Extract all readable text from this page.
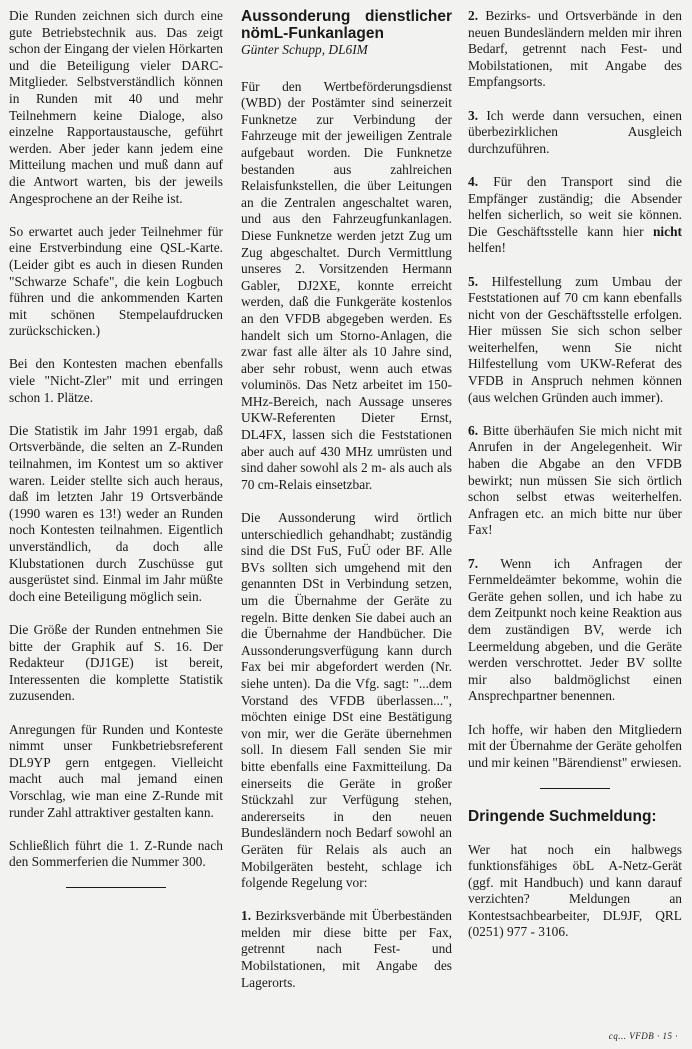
Die Runden zeichnen sich durch eine gute Betriebstechnik aus. Das zeigt schon der Eingang der vielen Hörkarten und die Beteiligung vieler DARC-Mitglieder. Selbstverständlich können in Runden mit 40 und mehr Teilnehmern keine Dialoge, also einzelne Rapportaustausche, geführt werden. Aber jeder kann jedem eine Mitteilung machen und muß dann auf die Antwort warten, bis der jeweils Angesprochene an der Reihe ist.

So erwartet auch jeder Teilnehmer für eine Erstverbindung eine QSL-Karte. (Leider gibt es auch in diesen Runden "Schwarze Schafe", die kein Logbuch führen und die ankommenden Karten mit schönen Stempelaufdrucken zurückschicken.)

Bei den Kontesten machen ebenfalls viele "Nicht-Zler" mit und erringen schon 1. Plätze.

Die Statistik im Jahr 1991 ergab, daß Ortsverbände, die selten an Z-Runden teilnahmen, im Kontest um so aktiver waren. Leider stellte sich auch heraus, daß im letzten Jahr 19 Ortsverbände (1990 waren es 13!) weder an Runden noch Kontesten teilnahmen. Eigentlich unverständlich, da doch alle Klubstationen durch Zuschüsse gut ausgerüstet sind. Einmal im Jahr müßte doch eine Beteiligung möglich sein.

Die Größe der Runden entnehmen Sie bitte der Graphik auf S. 16. Der Redakteur (DJ1GE) ist bereit, Interessenten die komplette Statistik zuzusenden.

Anregungen für Runden und Konteste nimmt unser Funkbetriebsreferent DL9YP gern entgegen. Vielleicht macht auch mal jemand einen Vorschlag, wie man eine Z-Runde mit runder Zahl attraktiver gestalten kann.

Schließlich führt die 1. Z-Runde nach den Sommerferien die Nummer 300.

Aussonderung dienstlicher
nömL-Funkanlagen
Günter Schupp, DL6IM

Für den Wertbeförderungsdienst (WBD) der Postämter sind seinerzeit Funknetze zur Verbindung der Fahrzeuge mit der jeweiligen Zentrale aufgebaut worden. Die Funknetze bestanden aus zahlreichen Relaisfunkstellen, die über Leitungen an die Zentralen angeschaltet waren, und aus den Fahrzeugfunkanlagen. Diese Funknetze werden jetzt Zug um Zug abgeschaltet. Durch Vermittlung unseres 2. Vorsitzenden Hermann Gabler, DJ2XE, konnte erreicht werden, daß die Funkgeräte kostenlos an den VFDB abgegeben werden. Es handelt sich um Storno-Anlagen, die zwar fast alle älter als 10 Jahre sind, aber sehr robust, wenn auch etwas voluminös. Das Netz arbeitet im 150-MHz-Bereich, nach Aussage unseres UKW-Referenten Dieter Ernst, DL4FX, lassen sich die Feststationen aber auch auf 430 MHz umrüsten und sind daher sowohl als 2 m- als auch als 70 cm-Relais einsetzbar.

Die Aussonderung wird örtlich unterschiedlich gehandhabt; zuständig sind die DSt FuS, FuÜ oder BF. Alle BVs sollten sich umgehend mit den genannten DSt in Verbindung setzen, um die Übernahme der Geräte zu regeln. Bitte denken Sie dabei auch an die Übernahme der Handbücher. Die Aussonderungsverfügung kann durch Fax bei mir abgefordert werden (Nr. siehe unten). Da die Vfg. sagt: "...dem Vorstand des VFDB überlassen...", möchten einige DSt eine Bestätigung von mir, wer die Geräte übernehmen soll. In diesem Fall senden Sie mir bitte ebenfalls eine Faxmitteilung. Da einerseits die Geräte in großer Stückzahl zur Verfügung stehen, andererseits in den neuen Bundesländern noch Bedarf sowohl an Geräten für Relais als auch an Mobilgeräten besteht, schlage ich folgende Regelung vor:

1. Bezirksverbände mit Überbeständen melden mir diese bitte per Fax, getrennt nach Fest- und Mobilstationen, mit Angabe des Lagerorts.

2. Bezirks- und Ortsverbände in den neuen Bundesländern melden mir ihren Bedarf, getrennt nach Fest- und Mobilstationen, mit Angabe des Empfangsorts.

3. Ich werde dann versuchen, einen überbezirklichen Ausgleich durchzuführen.

4. Für den Transport sind die Empfänger zuständig; die Absender helfen sicherlich, so weit sie können. Die Geschäftsstelle kann hier nicht helfen!

5. Hilfestellung zum Umbau der Feststationen auf 70 cm kann ebenfalls nicht von der Geschäftsstelle erfolgen. Hier müssen Sie sich schon selber weiterhelfen, wenn Sie nicht Hilfestellung vom UKW-Referat des VFDB in Anspruch nehmen können (aus welchen Gründen auch immer).

6. Bitte überhäufen Sie mich nicht mit Anrufen in der Angelegenheit. Wir haben die Abgabe an den VFDB bewirkt; nun müssen Sie sich örtlich schon selbst etwas weiterhelfen. Anfragen etc. an mich bitte nur über Fax!

7. Wenn ich Anfragen der Fernmeldeämter bekomme, wohin die Geräte gehen sollen, und ich habe zu dem Zeitpunkt noch keine Reaktion aus dem zuständigen BV, werde ich Leermeldung abgeben, und die Geräte werden verschrottet. Jeder BV sollte mir also baldmöglichst einen Ansprechpartner benennen.

Ich hoffe, wir haben den Mitgliedern mit der Übernahme der Geräte geholfen und mir keinen "Bärendienst" erwiesen.

Dringende Suchmeldung:

Wer hat noch ein halbwegs funktionsfähiges öbL A-Netz-Gerät (ggf. mit Handbuch) und kann darauf verzichten? Meldungen an Kontestsachbearbeiter, DL9JF, QRL (0251) 977 - 3106.

cq... VFDB · 15 ·
